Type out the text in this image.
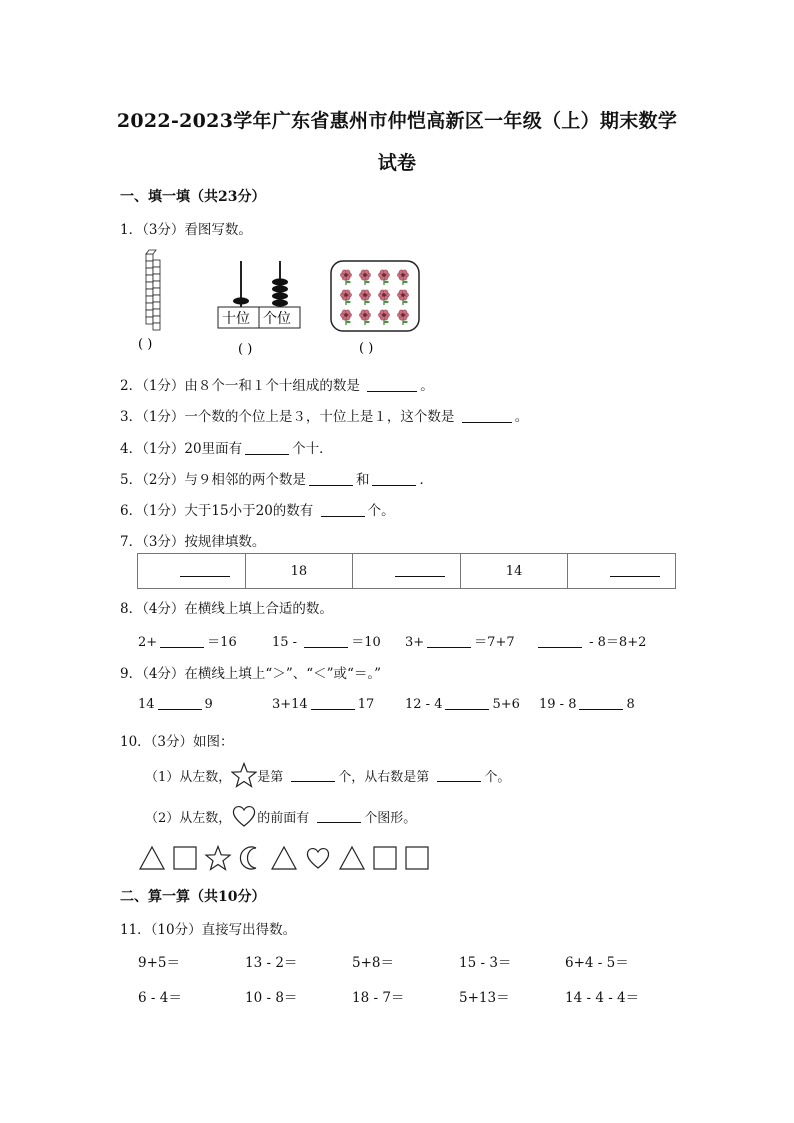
2022-2023学年广东省惠州市仲恺高新区一年级（上）期末数学
试卷
一、填一填（共23分）
1．（3分）看图写数。
( )
十位 个位
( )	( )
2．（1分）由８个一和１个十组成的数是	。
3．（1分）一个数的个位上是３，十位上是１，这个数是	。
4．（1分）20里面有	个十．
5．（2分）与９相邻的两个数是	和	．
6．（1分）大于15小于20的数有	个。
7．（3分）按规律填数。
	18		14	
8．（4分）在横线上填上合适的数。
2+	＝16	15 -	＝10 3+	＝7+7	- 8＝8+2
9．（4分）在横线上填上“＞”、“＜”或“＝。”
14	9	3+14	17 12 - 4	5+6 19 - 8	8
10．（3分）如图：
（1）从左数， 是第	个，从右数是第	个。
（2）从左数， 的前面有	个图形。
二、算一算（共10分）
11．（10分）直接写出得数。
9+5＝	13 - 2＝	5+8＝	15 - 3＝	6+4 - 5＝
6 - 4＝	10 - 8＝	18 - 7＝	5+13＝	14 - 4 - 4＝
